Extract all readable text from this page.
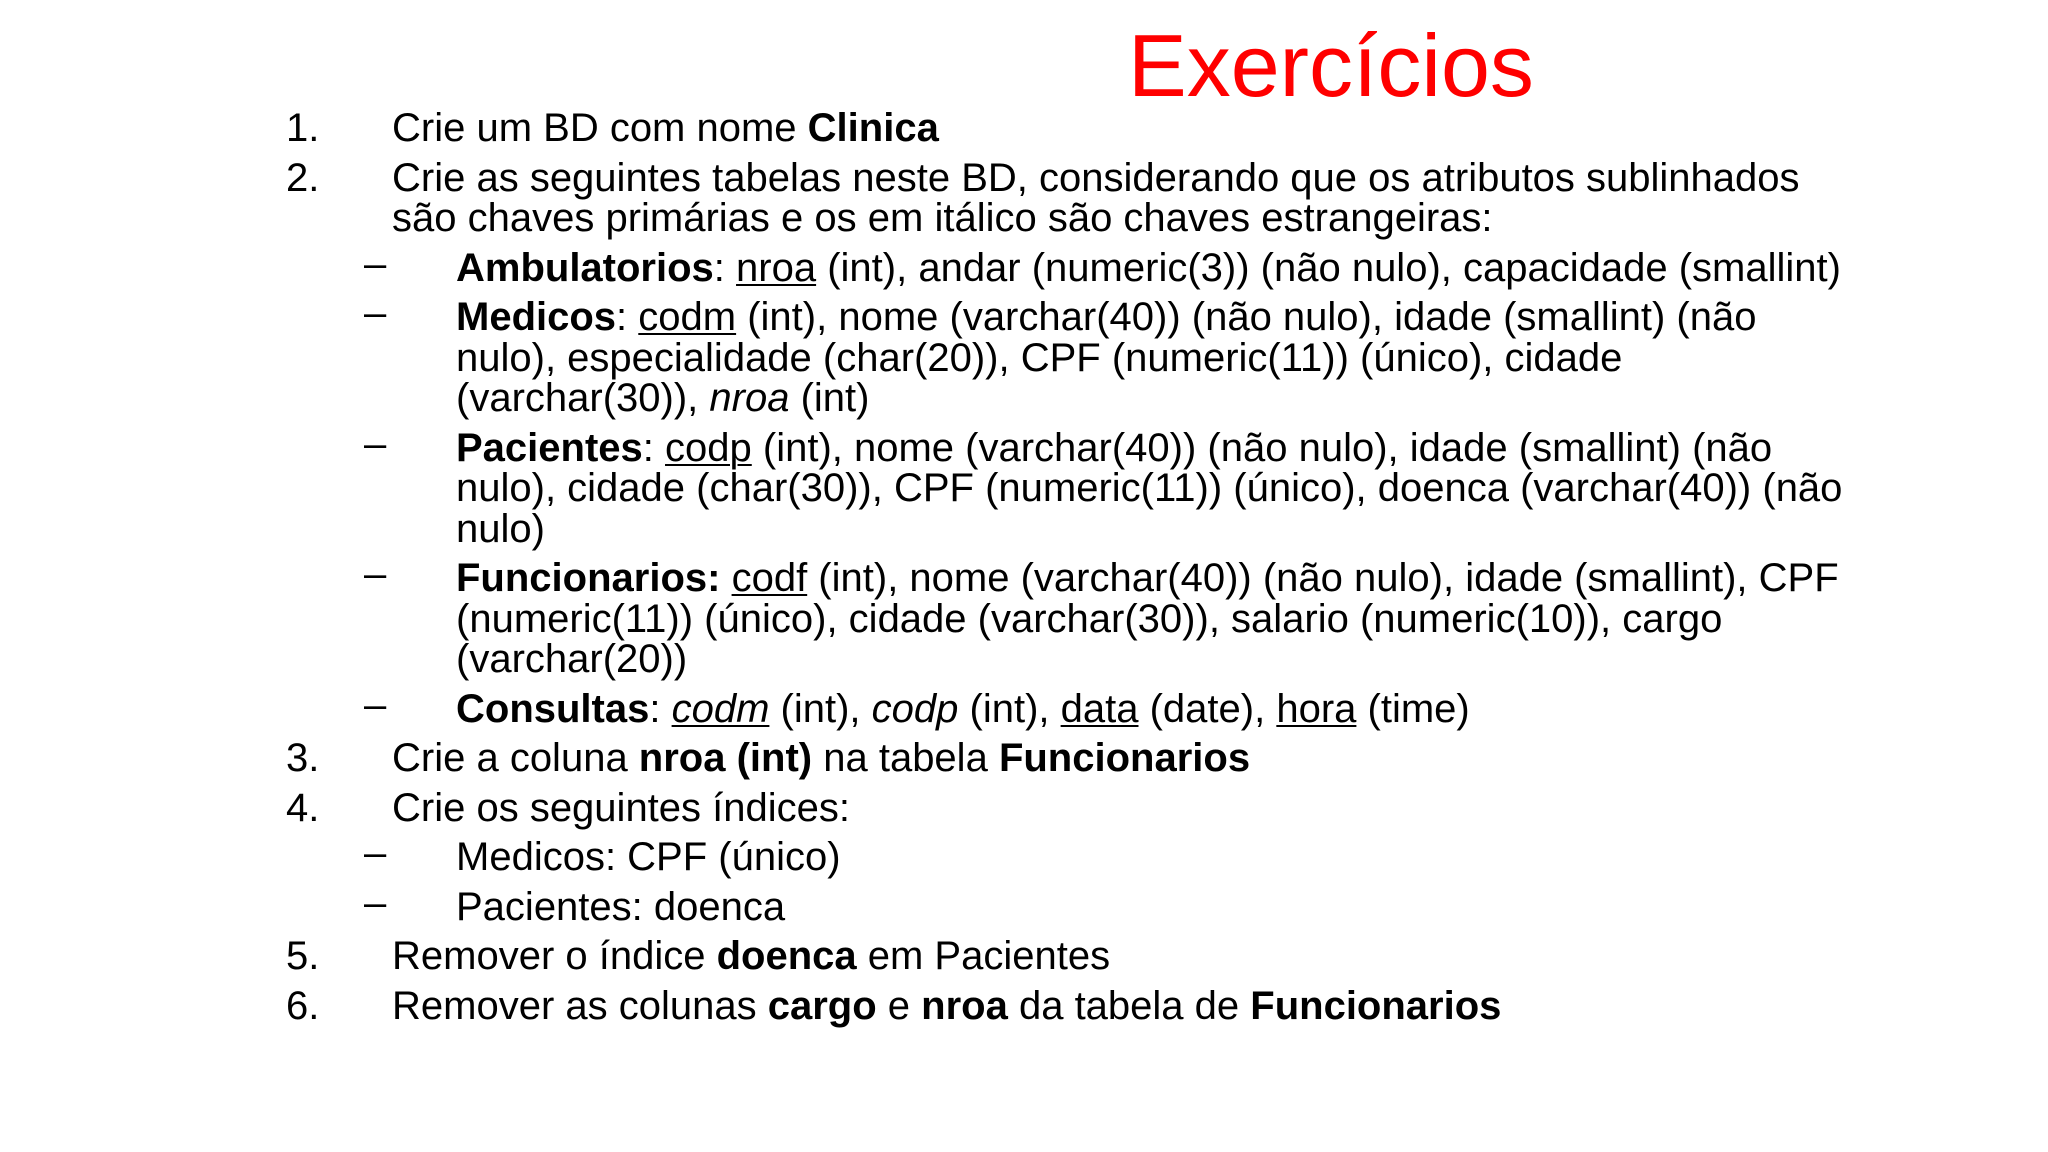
Exercícios
1. Crie um BD com nome Clinica
2. Crie as seguintes tabelas neste BD, considerando que os atributos sublinhados são chaves primárias e os em itálico são chaves estrangeiras:
– Ambulatorios: nroa (int), andar (numeric(3)) (não nulo), capacidade (smallint)
– Medicos: codm (int), nome (varchar(40)) (não nulo), idade (smallint) (não nulo), especialidade (char(20)), CPF (numeric(11)) (único), cidade (varchar(30)), nroa (int)
– Pacientes: codp (int), nome (varchar(40)) (não nulo), idade (smallint) (não nulo), cidade (char(30)), CPF (numeric(11)) (único), doenca (varchar(40)) (não nulo)
– Funcionarios: codf (int), nome (varchar(40)) (não nulo), idade (smallint), CPF (numeric(11)) (único), cidade (varchar(30)), salario (numeric(10)), cargo (varchar(20))
– Consultas: codm (int), codp (int), data (date), hora (time)
3. Crie a coluna nroa (int) na tabela Funcionarios
4. Crie os seguintes índices:
– Medicos: CPF (único)
– Pacientes: doenca
5. Remover o índice doenca em Pacientes
6. Remover as colunas cargo e nroa da tabela de Funcionarios
